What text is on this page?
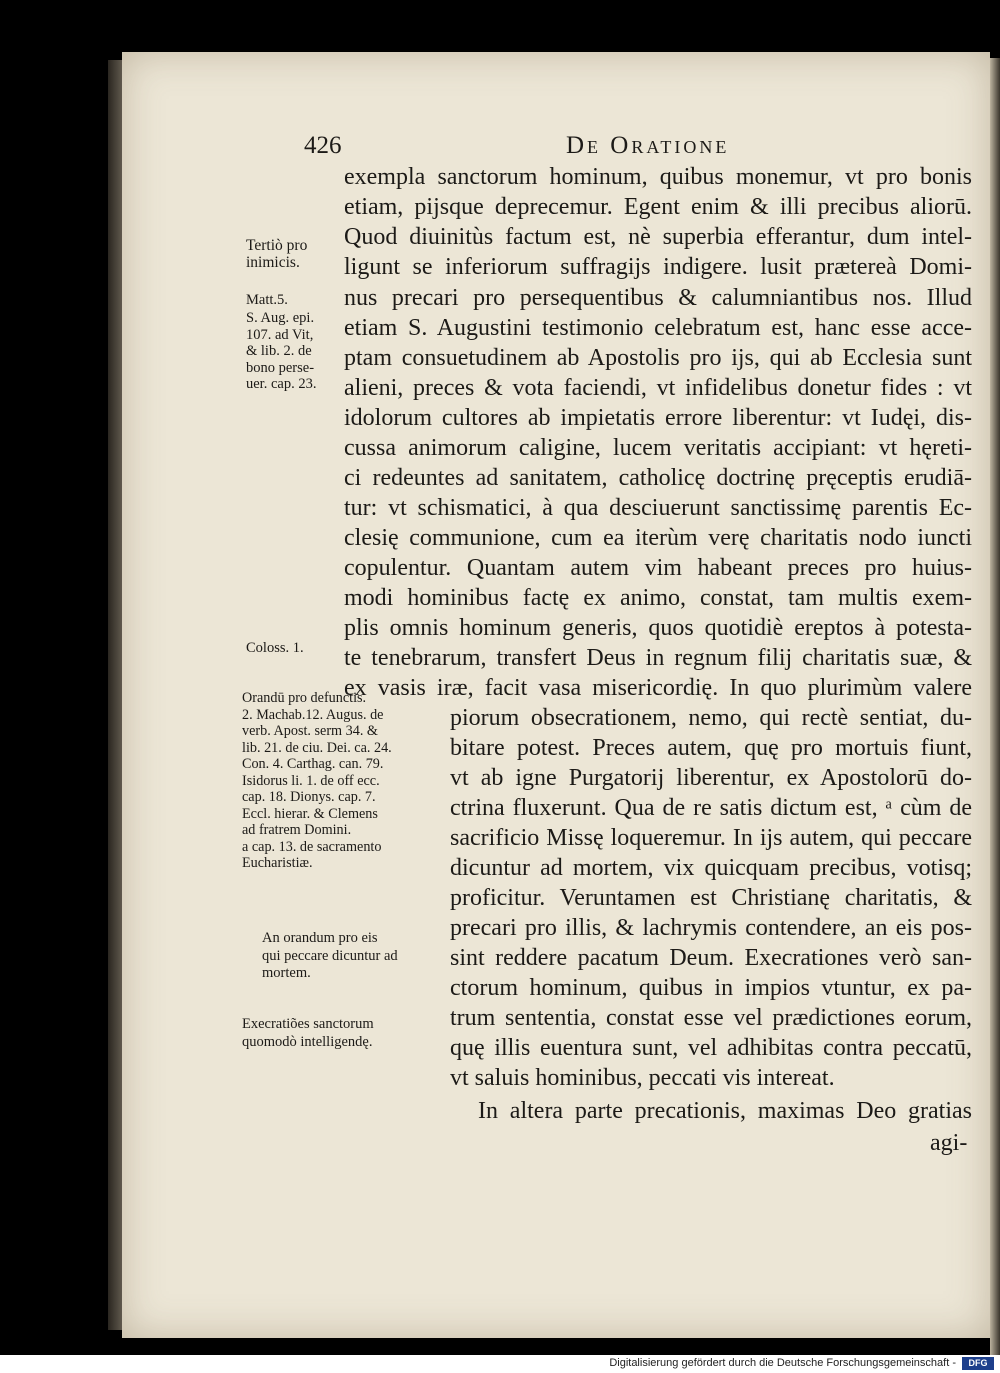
426	De Oratione
exempla sanctorum hominum, quibus monemur, vt pro bonis
etiam, pijsque deprecemur. Egent enim & illi precibus aliorū.
Quod diuinitùs factum est, nè superbia efferantur, dum intel-
ligunt se inferiorum suffragijs indigere. lusit prætereà Domi-
nus precari pro persequentibus & calumniantibus nos. Illud
etiam S. Augustini testimonio celebratum est, hanc esse acce-
ptam consuetudinem ab Apostolis pro ijs, qui ab Ecclesia sunt
alieni, preces & vota faciendi, vt infidelibus donetur fides : vt
idolorum cultores ab impietatis errore liberentur: vt Iudęi, dis-
cussa animorum caligine, lucem veritatis accipiant: vt hęreti-
ci redeuntes ad sanitatem, catholicę doctrinę pręceptis erudiā-
tur: vt schismatici, à qua desciuerunt sanctissimę parentis Ec-
clesię communione, cum ea iterùm verę charitatis nodo iuncti
copulentur. Quantam autem vim habeant preces pro huius-
modi hominibus factę ex animo, constat, tam multis exem-
plis omnis hominum generis, quos quotidiè ereptos à potesta-
te tenebrarum, transfert Deus in regnum filij charitatis suæ, &
ex vasis iræ, facit vasa misericordię. In quo plurimùm valere
piorum obsecrationem, nemo, qui rectè sentiat, du-
bitare potest. Preces autem, quę pro mortuis fiunt,
vt ab igne Purgatorij liberentur, ex Apostolorū do-
ctrina fluxerunt. Qua de re satis dictum est, ᵃ cùm de
sacrificio Missę loqueremur. In ijs autem, qui peccare
dicuntur ad mortem, vix quicquam precibus, votisq;
proficitur. Veruntamen est Christianę charitatis, &
precari pro illis, & lachrymis contendere, an eis pos-
sint reddere pacatum Deum. Execrationes verò san-
ctorum hominum, quibus in impios vtuntur, ex pa-
trum sententia, constat esse vel prædictiones eorum,
quę illis euentura sunt, vel adhibitas contra peccatū,
vt saluis hominibus, peccati vis intereat.
In altera parte precationis, maximas Deo gratias
agi-
Tertiò pro
inimicis.
Matt.5.
S. Aug. epi.
107. ad Vit,
& lib. 2. de
bono perse-
uer. cap. 23.
Coloss. 1.
Orandū pro defunctis.
2. Machab.12. Augus. de
verb. Apost. serm 34. &
lib. 21. de ciu. Dei. ca. 24.
Con. 4. Carthag. can. 79.
Isidorus li. 1. de off ecc.
cap. 18. Dionys. cap. 7.
Eccl. hierar. & Clemens
ad fratrem Domini.
a cap. 13. de sacramento
Eucharistiæ.
An orandum pro eis
qui peccare dicuntur ad
mortem.
Execratiões sanctorum
quomodò intelligendę.
Digitalisierung gefördert durch die Deutsche Forschungsgemeinschaft -	DFG
